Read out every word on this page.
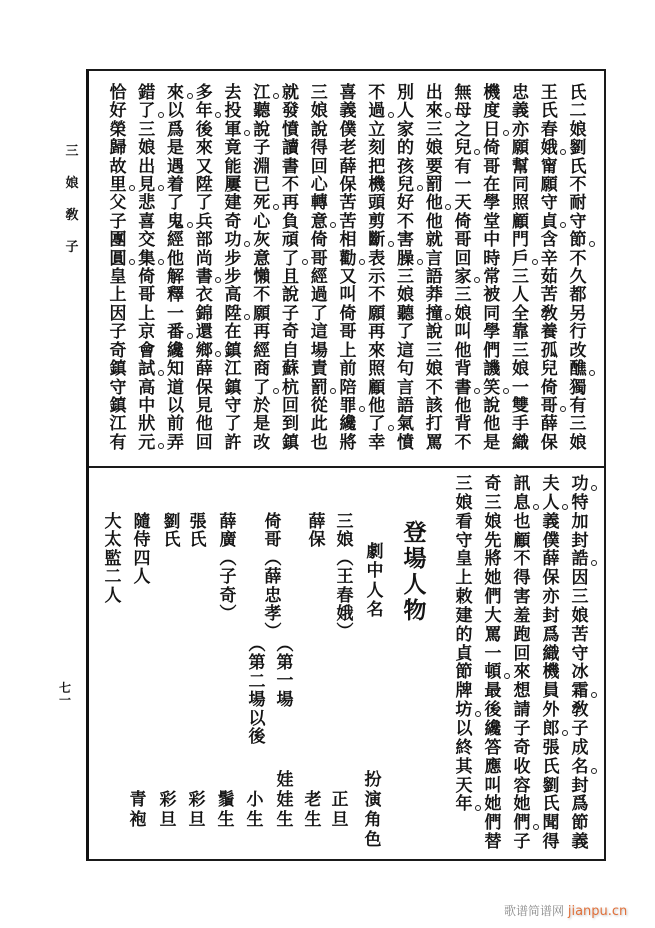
三
娘
敎
子
七
一
氏
二
娘
劉
氏
不
耐
守
節
不
久
都
另
行
改
醮
獨
有
三
娘
王
氏
春
娥
甯
願
守
貞
含
辛
茹
苦
敎
養
孤
兒
倚
哥
薛
保
忠
義
亦
願
幫
同
照
顧
門
戶
三
人
全
靠
三
娘
一
雙
手
織
機
度
日
倚
哥
在
學
堂
中
時
常
被
同
學
們
譏
笑
說
他
是
無
母
之
兒
有
一
天
倚
哥
回
家
三
娘
叫
他
背
書
他
背
不
出
來
三
娘
要
罰
他
他
就
言
語
莽
撞
說
三
娘
不
該
打
罵
別
人
家
的
孩
兒
好
不
害
臊
三
娘
聽
了
這
句
言
語
氣
憤
不
過
立
刻
把
機
頭
剪
斷
表
示
不
願
再
來
照
顧
他
了
幸
喜
義
僕
老
薛
保
苦
苦
相
勸
又
叫
倚
哥
上
前
陪
罪
纔
將
三
娘
說
得
回
心
轉
意
倚
哥
經
過
了
這
場
責
罰
從
此
也
就
發
憤
讀
書
不
再
負
頑
了
且
說
子
奇
自
蘇
杭
回
到
鎮
江
聽
說
子
淵
已
死
心
灰
意
懶
不
願
再
經
商
了
於
是
改
去
投
軍
竟
能
屢
建
奇
功
步
步
高
陞
在
鎮
江
鎮
守
了
許
多
年
後
來
又
陞
了
兵
部
尚
書
衣
錦
還
鄉
薛
保
見
他
回
來
以
爲
是
遇
着
了
鬼
經
他
解
釋
一
番
纔
知
道
以
前
弄
錯
了
三
娘
出
見
悲
喜
交
集
倚
哥
上
京
會
試
高
中
狀
元
恰
好
榮
歸
故
里
父
子
團
圓
皇
上
因
子
奇
鎮
守
鎮
江
有
功
特
加
封
誥
因
三
娘
苦
守
冰
霜
敎
子
成
名
封
爲
節
義
夫
人
義
僕
薛
保
亦
封
爲
織
機
員
外
郎
張
氏
劉
氏
聞
得
訊
息
也
顧
不
得
害
羞
跑
回
來
想
請
子
奇
收
容
她
們
子
奇
三
娘
先
將
她
們
大
罵
一
頓
最
後
纔
答
應
叫
她
們
替
三
娘
看
守
皇
上
敕
建
的
貞
節
牌
坊
以
終
其
天
年
登
場
人
物
劇
中
人
名
三
娘
︵
王
春
娥
︶
薛
保
倚
哥
︵
薛
忠
孝
︶
︵
第
一
場
︵
第
二
場
以
後
薛
廣
︵
子
奇
︶
張
氏
劉
氏
隨
侍
四
人
大
太
監
二
人
扮
演
角
色
正
旦
老
生
娃
娃
生
小
生
鬚
生
彩
旦
彩
旦
青
袍
歌谱简谱网 jianpu.cn
